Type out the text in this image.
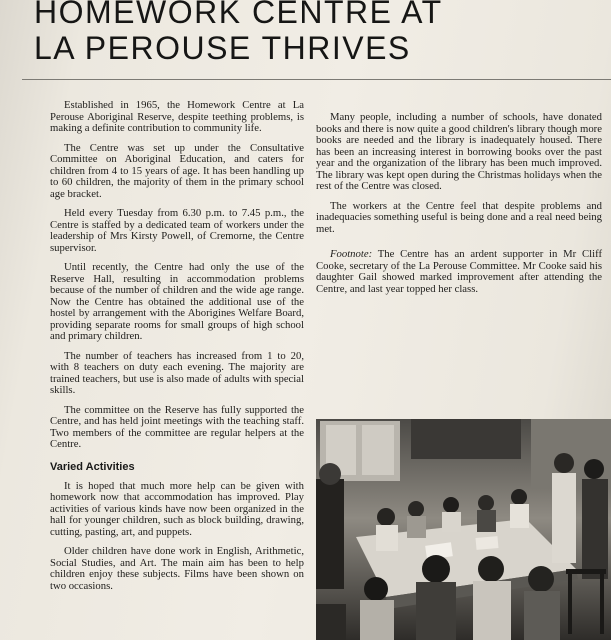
HOMEWORK CENTRE AT
LA PEROUSE THRIVES

Established in 1965, the Homework Centre at La Perouse Aboriginal Reserve, despite teething problems, is making a definite contribution to community life.

The Centre was set up under the Consultative Committee on Aboriginal Education, and caters for children from 4 to 15 years of age. It has been handling up to 60 children, the majority of them in the primary school age bracket.

Held every Tuesday from 6.30 p.m. to 7.45 p.m., the Centre is staffed by a dedicated team of workers under the leadership of Mrs Kirsty Powell, of Cremorne, the Centre supervisor.

Until recently, the Centre had only the use of the Reserve Hall, resulting in accommodation problems because of the number of children and the wide age range. Now the Centre has obtained the additional use of the hostel by arrangement with the Aborigines Welfare Board, providing separate rooms for small groups of high school and primary children.

The number of teachers has increased from 1 to 20, with 8 teachers on duty each evening. The majority are trained teachers, but use is also made of adults with special skills.

The committee on the Reserve has fully supported the Centre, and has held joint meetings with the teaching staff. Two members of the committee are regular helpers at the Centre.

Varied Activities

It is hoped that much more help can be given with homework now that accommodation has improved. Play activities of various kinds have now been organized in the hall for younger children, such as block building, drawing, cutting, pasting, art, and puppets.

Older children have done work in English, Arithmetic, Social Studies, and Art. The main aim has been to help children enjoy these subjects. Films have been shown on two occasions.

Many people, including a number of schools, have donated books and there is now quite a good children's library though more books are needed and the library is inadequately housed. There has been an increasing interest in borrowing books over the past year and the organization of the library has been much improved. The library was kept open during the Christmas holidays when the rest of the Centre was closed.

The workers at the Centre feel that despite problems and inadequacies something useful is being done and a real need being met.

Footnote: The Centre has an ardent supporter in Mr Cliff Cooke, secretary of the La Perouse Committee. Mr Cooke said his daughter Gail showed marked improvement after attending the Centre, and last year topped her class.
